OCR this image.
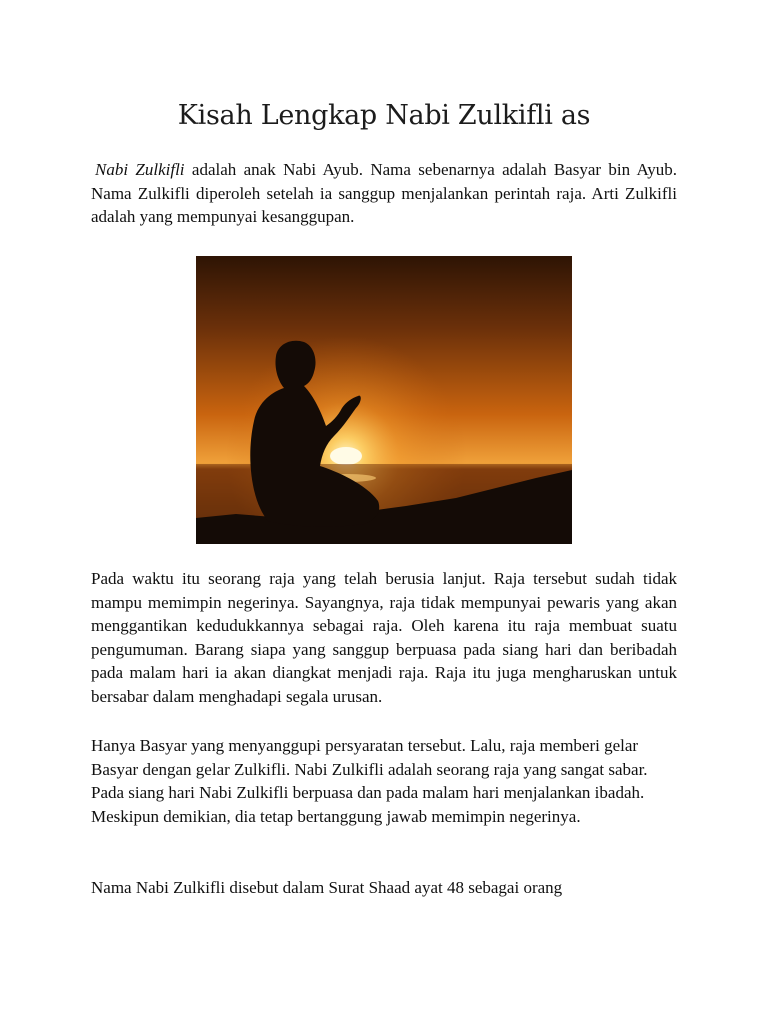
Kisah Lengkap Nabi Zulkifli as

Nabi Zulkifli adalah anak Nabi Ayub. Nama sebenarnya adalah Basyar bin Ayub. Nama Zulkifli diperoleh setelah ia sanggup menjalankan perintah raja. Arti Zulkifli adalah yang mempunyai kesanggupan.

Pada waktu itu seorang raja yang telah berusia lanjut. Raja tersebut sudah tidak mampu memimpin negerinya. Sayangnya, raja tidak mempunyai pewaris yang akan menggantikan kedudukkannya sebagai raja. Oleh karena itu raja membuat suatu pengumuman. Barang siapa yang sanggup berpuasa pada siang hari dan beribadah pada malam hari ia akan diangkat menjadi raja. Raja itu juga mengharuskan untuk bersabar dalam menghadapi segala urusan.

Hanya Basyar yang menyanggupi persyaratan tersebut. Lalu, raja memberi gelar Basyar dengan gelar Zulkifli. Nabi Zulkifli adalah seorang raja yang sangat sabar. Pada siang hari Nabi Zulkifli berpuasa dan pada malam hari menjalankan ibadah. Meskipun demikian, dia tetap bertanggung jawab memimpin negerinya.

Nama Nabi Zulkifli disebut dalam Surat Shaad ayat 48 sebagai orang
